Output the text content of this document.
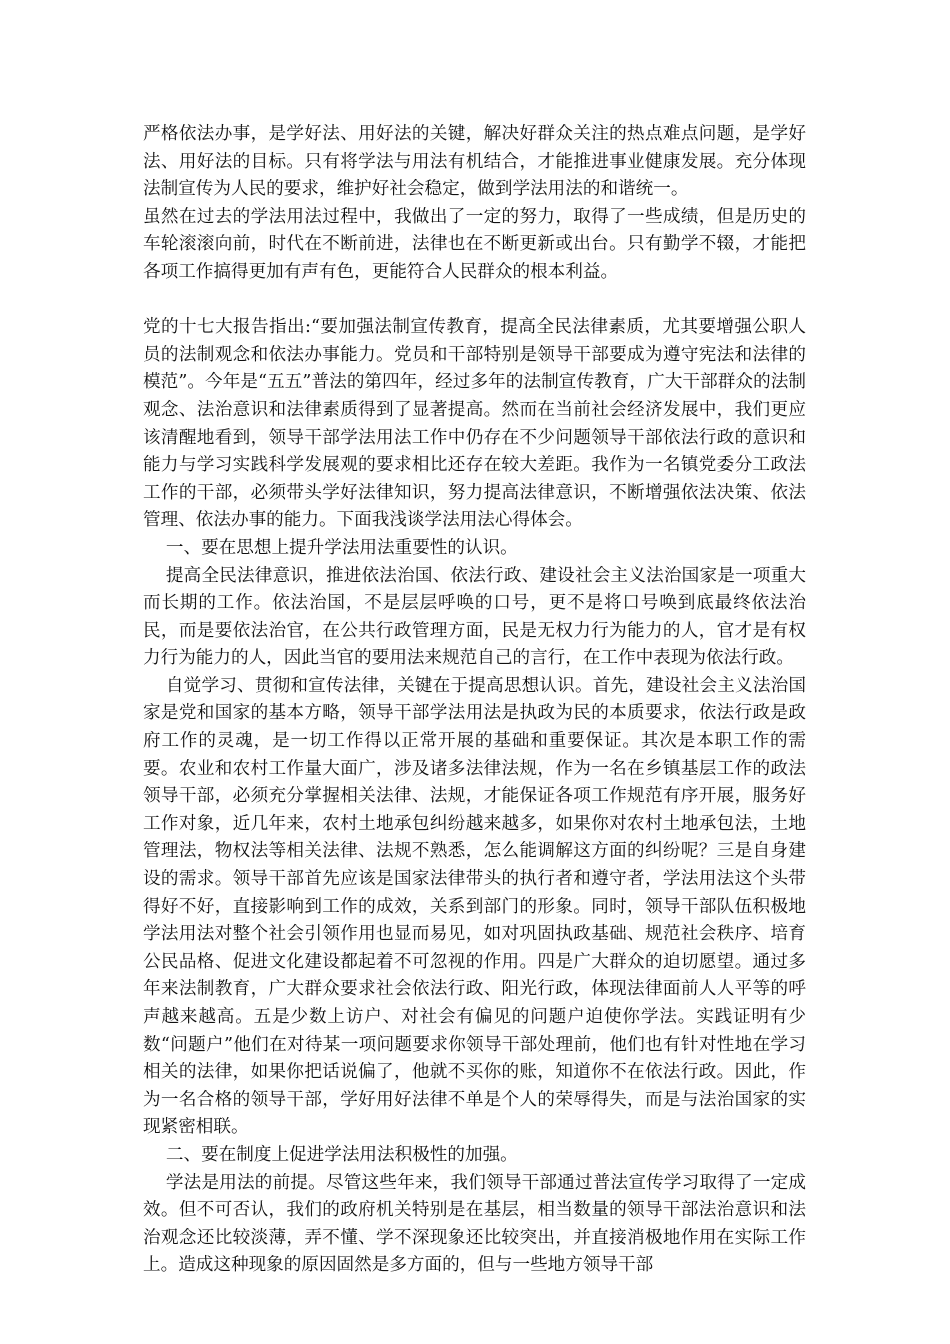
严格依法办事，是学好法、用好法的关键，解决好群众关注的热点难点问题，是学好法、用好法的目标。只有将学法与用法有机结合，才能推进事业健康发展。充分体现法制宣传为人民的要求，维护好社会稳定，做到学法用法的和谐统一。

虽然在过去的学法用法过程中，我做出了一定的努力，取得了一些成绩，但是历史的车轮滚滚向前，时代在不断前进，法律也在不断更新或出台。只有勤学不辍，才能把各项工作搞得更加有声有色，更能符合人民群众的根本利益。

党的十七大报告指出:“要加强法制宣传教育，提高全民法律素质，尤其要增强公职人员的法制观念和依法办事能力。党员和干部特别是领导干部要成为遵守宪法和法律的模范”。今年是“五五”普法的第四年，经过多年的法制宣传教育，广大干部群众的法制观念、法治意识和法律素质得到了显著提高。然而在当前社会经济发展中，我们更应该清醒地看到，领导干部学法用法工作中仍存在不少问题领导干部依法行政的意识和能力与学习实践科学发展观的要求相比还存在较大差距。我作为一名镇党委分工政法工作的干部，必须带头学好法律知识，努力提高法律意识，不断增强依法决策、依法管理、依法办事的能力。下面我浅谈学法用法心得体会。

一、要在思想上提升学法用法重要性的认识。

提高全民法律意识，推进依法治国、依法行政、建设社会主义法治国家是一项重大而长期的工作。依法治国，不是层层呼唤的口号，更不是将口号唤到底最终依法治民，而是要依法治官，在公共行政管理方面，民是无权力行为能力的人，官才是有权力行为能力的人，因此当官的要用法来规范自己的言行，在工作中表现为依法行政。

自觉学习、贯彻和宣传法律，关键在于提高思想认识。首先，建设社会主义法治国家是党和国家的基本方略，领导干部学法用法是执政为民的本质要求，依法行政是政府工作的灵魂，是一切工作得以正常开展的基础和重要保证。其次是本职工作的需要。农业和农村工作量大面广，涉及诸多法律法规，作为一名在乡镇基层工作的政法领导干部，必须充分掌握相关法律、法规，才能保证各项工作规范有序开展，服务好工作对象，近几年来，农村土地承包纠纷越来越多，如果你对农村土地承包法，土地管理法，物权法等相关法律、法规不熟悉，怎么能调解这方面的纠纷呢？三是自身建设的需求。领导干部首先应该是国家法律带头的执行者和遵守者，学法用法这个头带得好不好，直接影响到工作的成效，关系到部门的形象。同时，领导干部队伍积极地学法用法对整个社会引领作用也显而易见，如对巩固执政基础、规范社会秩序、培育公民品格、促进文化建设都起着不可忽视的作用。四是广大群众的迫切愿望。通过多年来法制教育，广大群众要求社会依法行政、阳光行政，体现法律面前人人平等的呼声越来越高。五是少数上访户、对社会有偏见的问题户迫使你学法。实践证明有少数“问题户”他们在对待某一项问题要求你领导干部处理前，他们也有针对性地在学习相关的法律，如果你把话说偏了，他就不买你的账，知道你不在依法行政。因此，作为一名合格的领导干部，学好用好法律不单是个人的荣辱得失，而是与法治国家的实现紧密相联。

二、要在制度上促进学法用法积极性的加强。

学法是用法的前提。尽管这些年来，我们领导干部通过普法宣传学习取得了一定成效。但不可否认，我们的政府机关特别是在基层，相当数量的领导干部法治意识和法治观念还比较淡薄，弄不懂、学不深现象还比较突出，并直接消极地作用在实际工作上。造成这种现象的原因固然是多方面的，但与一些地方领导干部
